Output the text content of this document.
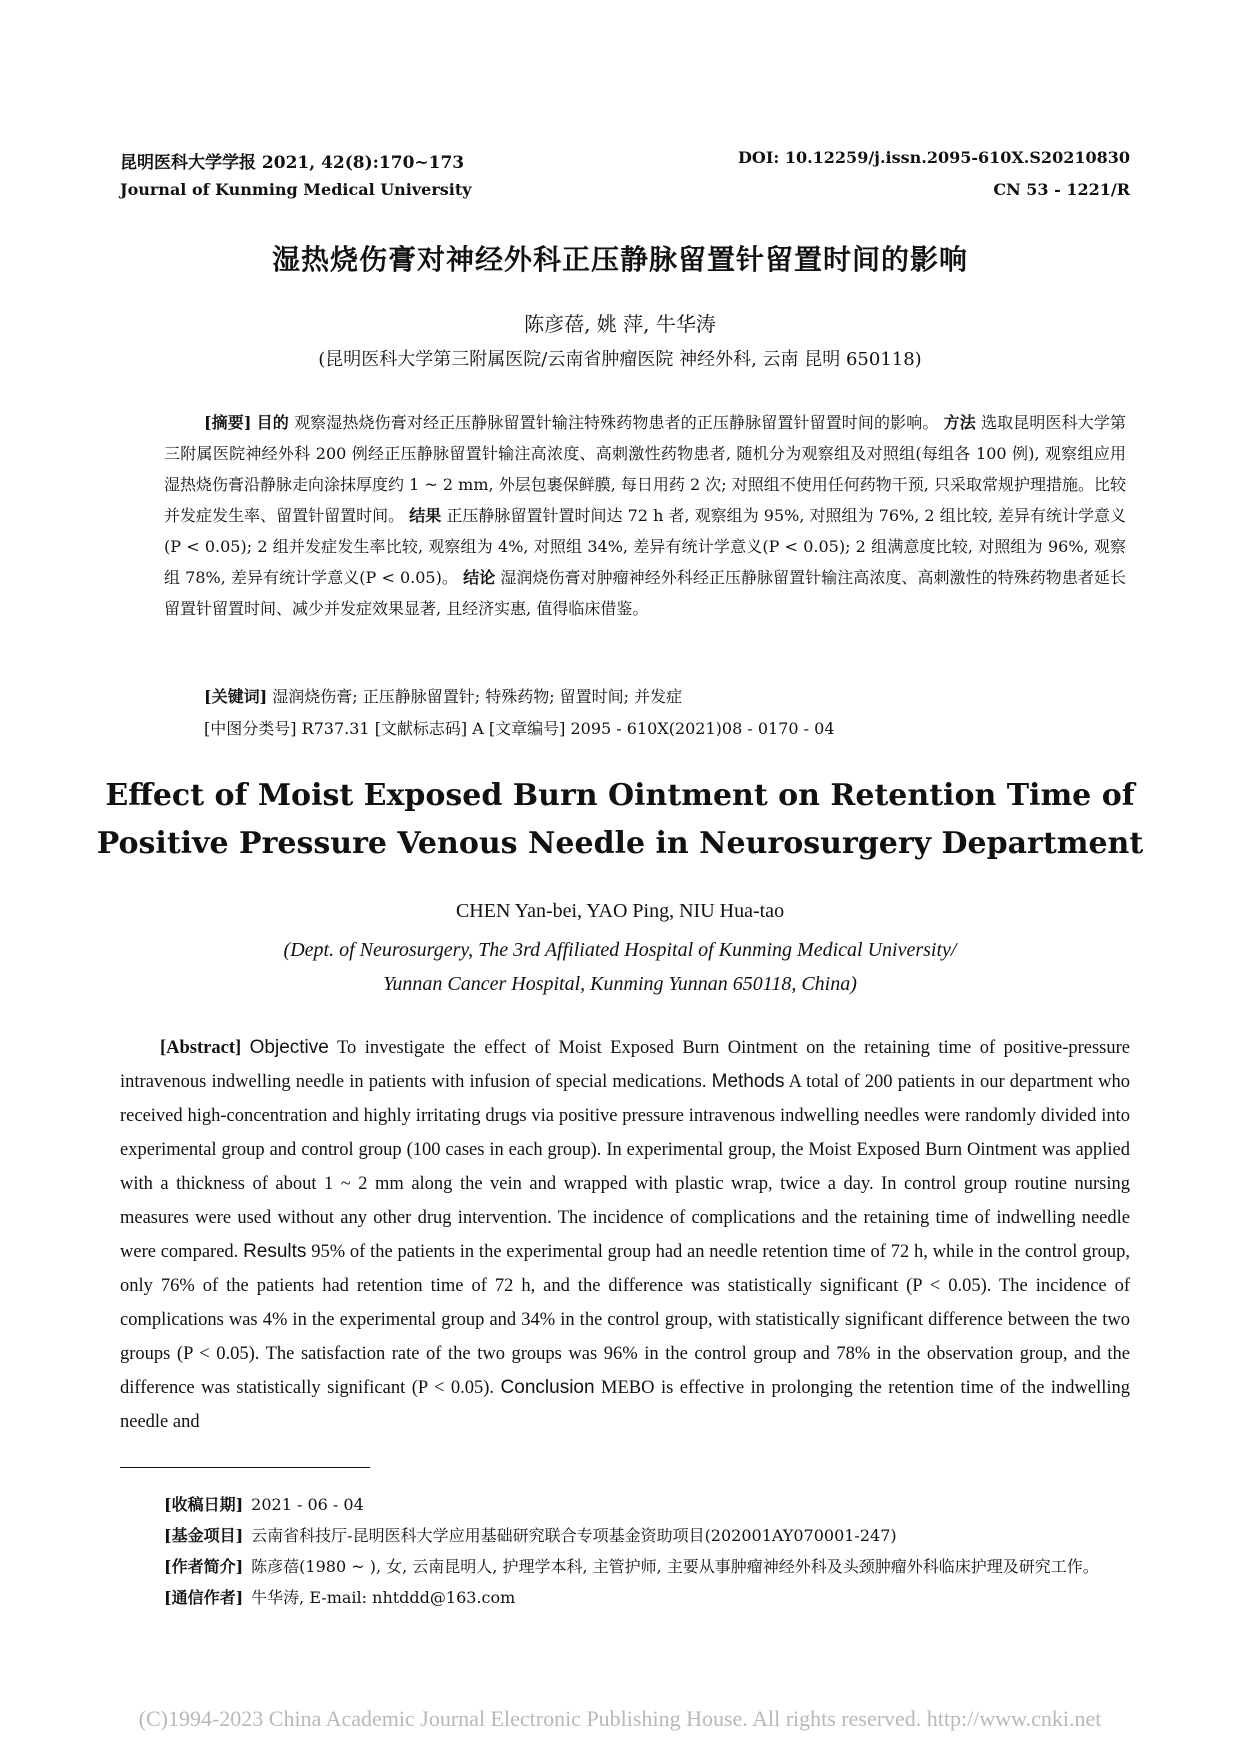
昆明医科大学学报 2021, 42(8):170~173
Journal of Kunming Medical University
DOI: 10.12259/j.issn.2095-610X.S20210830
CN 53 - 1221/R
湿热烧伤膏对神经外科正压静脉留置针留置时间的影响
陈彦蓓, 姚 萍, 牛华涛
(昆明医科大学第三附属医院/云南省肿瘤医院 神经外科, 云南 昆明 650118)
[摘要] 目的 观察湿热烧伤膏对经正压静脉留置针输注特殊药物患者的正压静脉留置针留置时间的影响。 方法 选取昆明医科大学第三附属医院神经外科 200 例经正压静脉留置针输注高浓度、高刺激性药物患者, 随机分为观察组及对照组(每组各 100 例), 观察组应用湿热烧伤膏沿静脉走向涂抹厚度约 1 ~ 2 mm, 外层包裹保鲜膜, 每日用药 2 次; 对照组不使用任何药物干预, 只采取常规护理措施。比较并发症发生率、留置针留置时间。 结果 正压静脉留置针置时间达 72 h 者, 观察组为 95%, 对照组为 76%, 2 组比较, 差异有统计学意义(P < 0.05); 2 组并发症发生率比较, 观察组为 4%, 对照组 34%, 差异有统计学意义(P < 0.05); 2 组满意度比较, 对照组为 96%, 观察组 78%, 差异有统计学意义(P < 0.05)。 结论 湿润烧伤膏对肿瘤神经外科经正压静脉留置针输注高浓度、高刺激性的特殊药物患者延长留置针留置时间、减少并发症效果显著, 且经济实惠, 值得临床借鉴。
[关键词] 湿润烧伤膏; 正压静脉留置针; 特殊药物; 留置时间; 并发症
[中图分类号] R737.31 [文献标志码] A [文章编号] 2095 - 610X(2021)08 - 0170 - 04
Effect of Moist Exposed Burn Ointment on Retention Time of
Positive Pressure Venous Needle in Neurosurgery Department
CHEN Yan-bei, YAO Ping, NIU Hua-tao
(Dept. of Neurosurgery, The 3rd Affiliated Hospital of Kunming Medical University/
Yunnan Cancer Hospital, Kunming Yunnan 650118, China)
[Abstract] Objective To investigate the effect of Moist Exposed Burn Ointment on the retaining time of positive-pressure intravenous indwelling needle in patients with infusion of special medications. Methods A total of 200 patients in our department who received high-concentration and highly irritating drugs via positive pressure intravenous indwelling needles were randomly divided into experimental group and control group (100 cases in each group). In experimental group, the Moist Exposed Burn Ointment was applied with a thickness of about 1 ~ 2 mm along the vein and wrapped with plastic wrap, twice a day. In control group routine nursing measures were used without any other drug intervention. The incidence of complications and the retaining time of indwelling needle were compared. Results 95% of the patients in the experimental group had an needle retention time of 72 h, while in the control group, only 76% of the patients had retention time of 72 h, and the difference was statistically significant (P < 0.05). The incidence of complications was 4% in the experimental group and 34% in the control group, with statistically significant difference between the two groups (P < 0.05). The satisfaction rate of the two groups was 96% in the control group and 78% in the observation group, and the difference was statistically significant (P < 0.05). Conclusion MEBO is effective in prolonging the retention time of the indwelling needle and
[收稿日期] 2021 - 06 - 04
[基金项目] 云南省科技厅-昆明医科大学应用基础研究联合专项基金资助项目(202001AY070001-247)
[作者简介] 陈彦蓓(1980 ~ ), 女, 云南昆明人, 护理学本科, 主管护师, 主要从事肿瘤神经外科及头颈肿瘤外科临床护理及研究工作。
[通信作者] 牛华涛, E-mail: nhtddd@163.com
(C)1994-2023 China Academic Journal Electronic Publishing House. All rights reserved. http://www.cnki.net
